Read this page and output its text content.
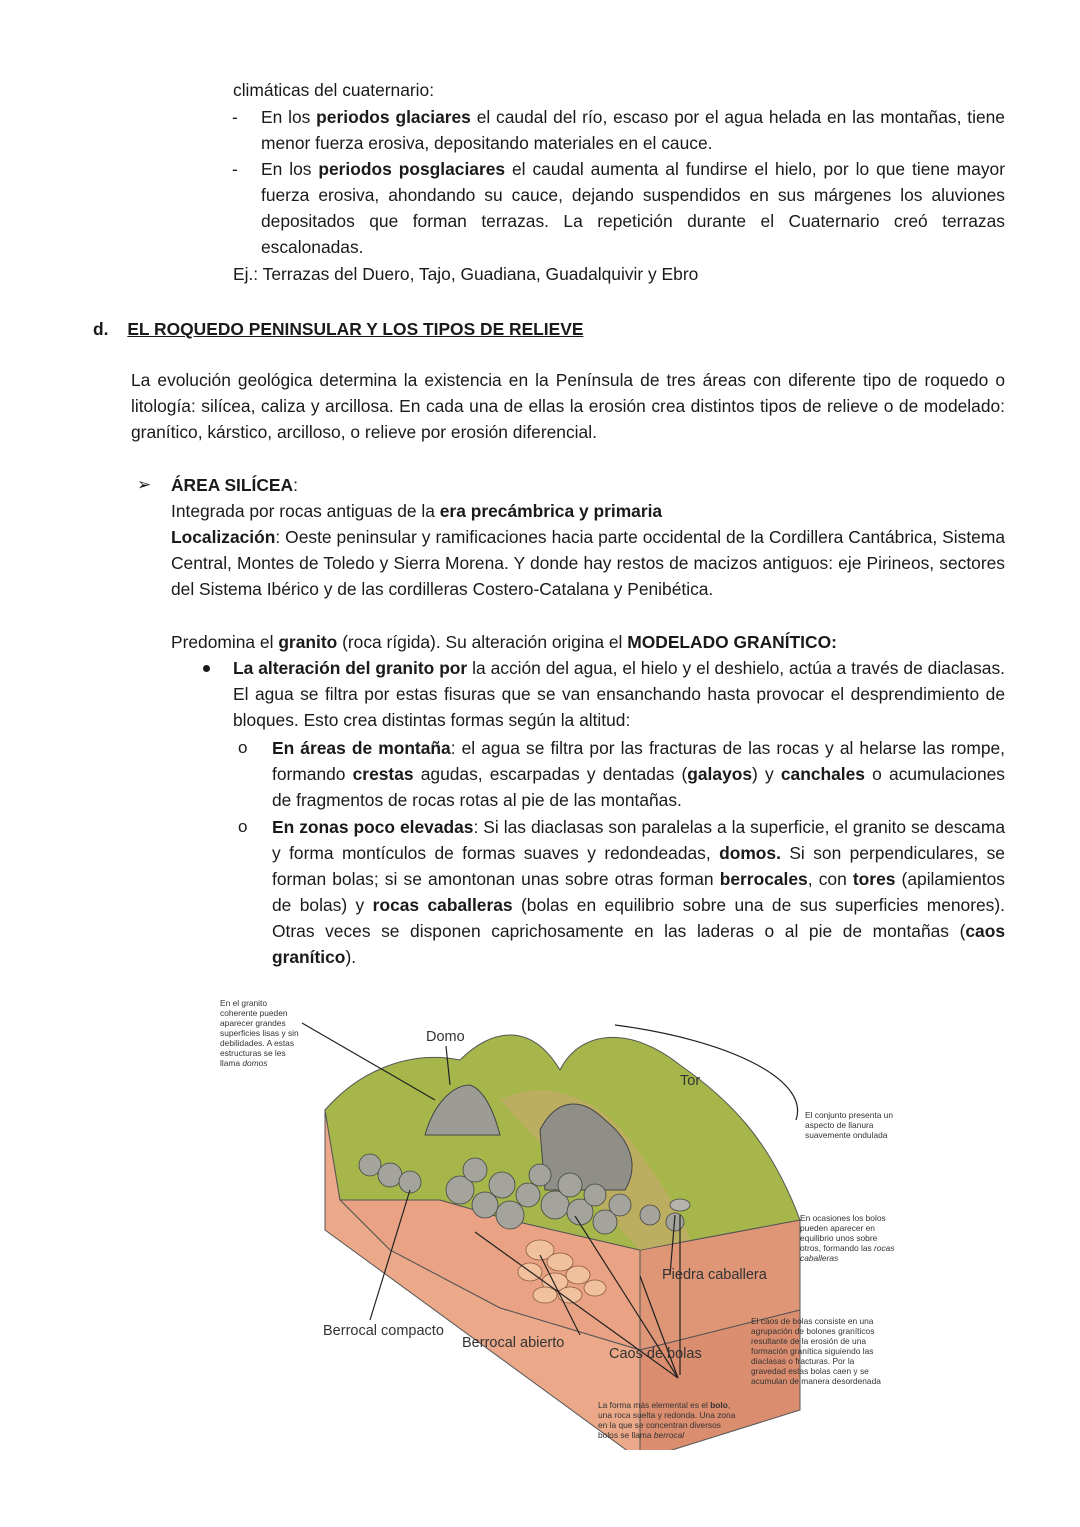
climáticas del cuaternario:
- En los periodos glaciares el caudal del río, escaso por el agua helada en las montañas, tiene menor fuerza erosiva, depositando materiales en el cauce.
- En los periodos posglaciares el caudal aumenta al fundirse el hielo, por lo que tiene mayor fuerza erosiva, ahondando su cauce, dejando suspendidos en sus márgenes los aluviones depositados que forman terrazas. La repetición durante el Cuaternario creó terrazas escalonadas.
Ej.: Terrazas del Duero, Tajo, Guadiana, Guadalquivir y Ebro
d. EL ROQUEDO PENINSULAR Y LOS TIPOS DE RELIEVE
La evolución geológica determina la existencia en la Península de tres áreas con diferente tipo de roquedo o litología: silícea, caliza y arcillosa. En cada una de ellas la erosión crea distintos tipos de relieve o de modelado: granítico, kárstico, arcilloso, o relieve por erosión diferencial.
➢ ÁREA SILÍCEA:
Integrada por rocas antiguas de la era precámbrica y primaria
Localización: Oeste peninsular y ramificaciones hacia parte occidental de la Cordillera Cantábrica, Sistema Central, Montes de Toledo y Sierra Morena. Y donde hay restos de macizos antiguos: eje Pirineos, sectores del Sistema Ibérico y de las cordilleras Costero-Catalana y Penibética.
Predomina el granito (roca rígida). Su alteración origina el MODELADO GRANÍTICO:
La alteración del granito por la acción del agua, el hielo y el deshielo, actúa a través de diaclasas. El agua se filtra por estas fisuras que se van ensanchando hasta provocar el desprendimiento de bloques. Esto crea distintas formas según la altitud:
o En áreas de montaña: el agua se filtra por las fracturas de las rocas y al helarse las rompe, formando crestas agudas, escarpadas y dentadas (galayos) y canchales o acumulaciones de fragmentos de rocas rotas al pie de las montañas.
o En zonas poco elevadas: Si las diaclasas son paralelas a la superficie, el granito se descama y forma montículos de formas suaves y redondeadas, domos. Si son perpendiculares, se forman bolas; si se amontonan unas sobre otras forman berrocales, con tores (apilamientos de bolas) y rocas caballeras (bolas en equilibrio sobre una de sus superficies menores). Otras veces se disponen caprichosamente en las laderas o al pie de montañas (caos granítico).
En el granito coherente pueden aparecer grandes superficies lisas y sin debilidades. A estas estructuras se les llama domos
El conjunto presenta un aspecto de llanura suavemente ondulada
En ocasiones los bolos pueden aparecer en equilibrio unos sobre otros, formando las rocas caballeras
El caos de bolas consiste en una agrupación de bolones graníticos resultante de la erosión de una formación granítica siguiendo las diaclasas o fracturas. Por la gravedad estas bolas caen y se acumulan de manera desordenada
La forma más elemental es el bolo, una roca suelta y redonda. Una zona en la que se concentran diversos bolos se llama berrocal
Domo
Tor
Piedra caballera
Berrocal compacto
Berrocal abierto
Caos de bolas
